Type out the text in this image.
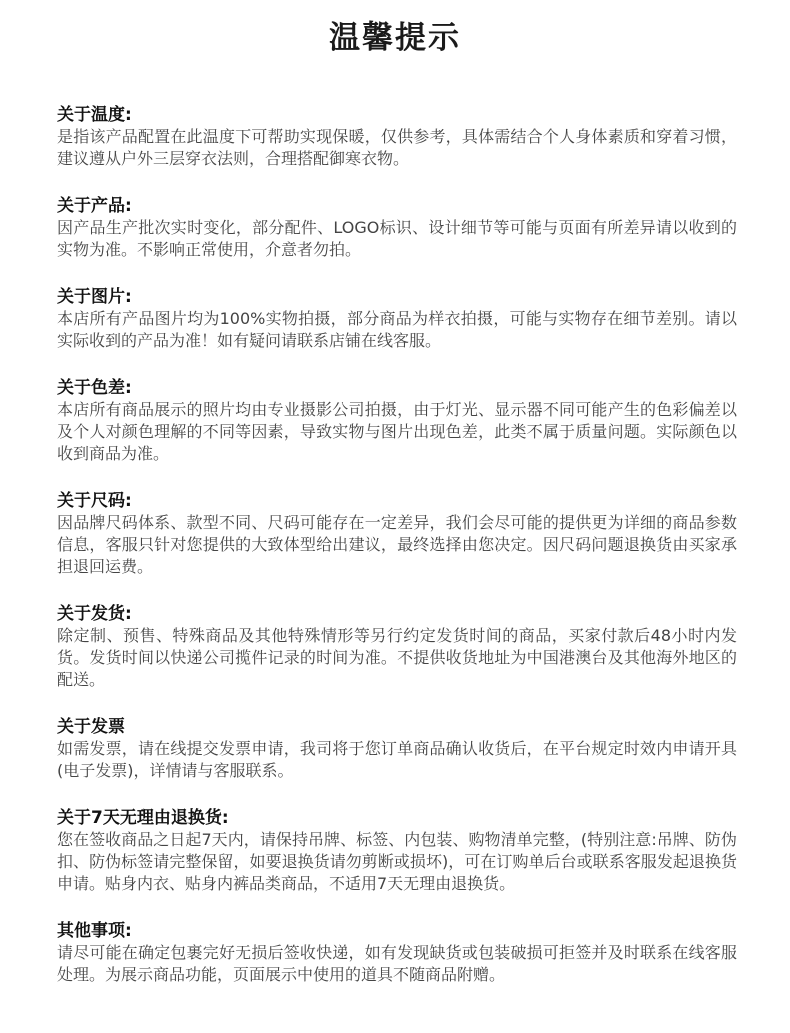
温馨提示
关于温度:

是指该产品配置在此温度下可帮助实现保暖，仅供参考，具体需结合个人身体素质和穿着习惯，建议遵从户外三层穿衣法则，合理搭配御寒衣物。

关于产品:

因产品生产批次实时变化，部分配件、LOGO标识、设计细节等可能与页面有所差异请以收到的实物为准。不影响正常使用，介意者勿拍。

关于图片:

本店所有产品图片均为100%实物拍摄，部分商品为样衣拍摄，可能与实物存在细节差别。请以实际收到的产品为准！如有疑问请联系店铺在线客服。

关于色差:

本店所有商品展示的照片均由专业摄影公司拍摄，由于灯光、显示器不同可能产生的色彩偏差以及个人对颜色理解的不同等因素，导致实物与图片出现色差，此类不属于质量问题。实际颜色以收到商品为准。

关于尺码:

因品牌尺码体系、款型不同、尺码可能存在一定差异，我们会尽可能的提供更为详细的商品参数信息，客服只针对您提供的大致体型给出建议，最终选择由您决定。因尺码问题退换货由买家承担退回运费。

关于发货:

除定制、预售、特殊商品及其他特殊情形等另行约定发货时间的商品，买家付款后48小时内发货。发货时间以快递公司揽件记录的时间为准。不提供收货地址为中国港澳台及其他海外地区的配送。

关于发票

如需发票，请在线提交发票申请，我司将于您订单商品确认收货后，在平台规定时效内申请开具(电子发票)，详情请与客服联系。

关于7天无理由退换货:

您在签收商品之日起7天内，请保持吊牌、标签、内包装、购物清单完整，(特别注意:吊牌、防伪扣、防伪标签请完整保留，如要退换货请勿剪断或损坏)，可在订购单后台或联系客服发起退换货申请。贴身内衣、贴身内裤品类商品，不适用7天无理由退换货。

其他事项:

请尽可能在确定包裹完好无损后签收快递，如有发现缺货或包装破损可拒签并及时联系在线客服处理。为展示商品功能，页面展示中使用的道具不随商品附赠。
